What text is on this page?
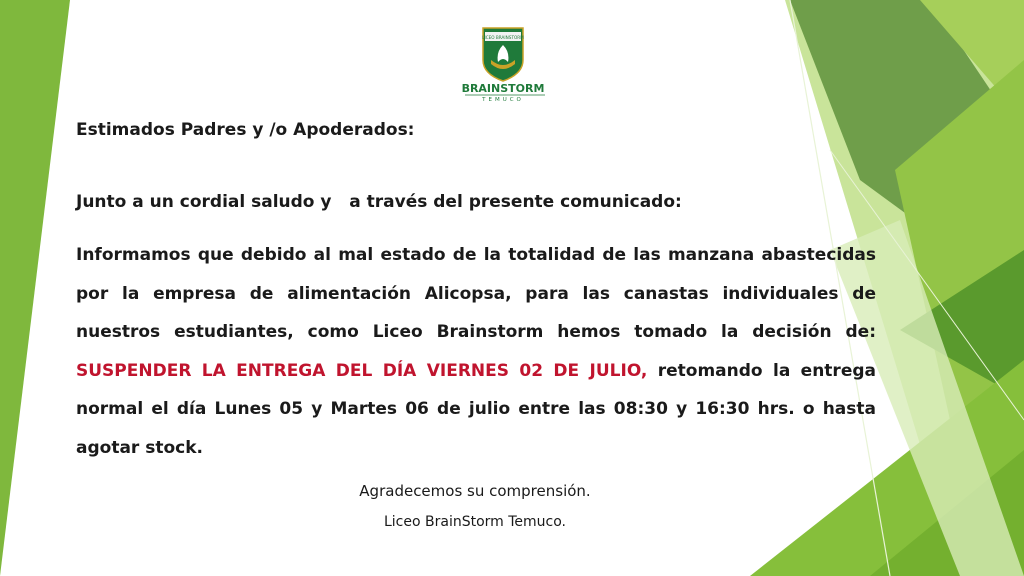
LICEO BRAINSTORM
BRAINSTORM
TEMUCO

Estimados Padres y /o Apoderados:

Junto a un cordial saludo y   a través del presente comunicado:

Informamos que debido al mal estado de la totalidad de las manzana abastecidas por la empresa de alimentación Alicopsa, para las canastas individuales de nuestros estudiantes, como Liceo Brainstorm hemos tomado la decisión de: SUSPENDER LA ENTREGA DEL DÍA VIERNES 02 DE JULIO, retomando la entrega normal el día Lunes 05 y Martes 06 de julio entre las 08:30 y 16:30 hrs. o hasta agotar stock.

Agradecemos su comprensión.

Liceo BrainStorm Temuco.
